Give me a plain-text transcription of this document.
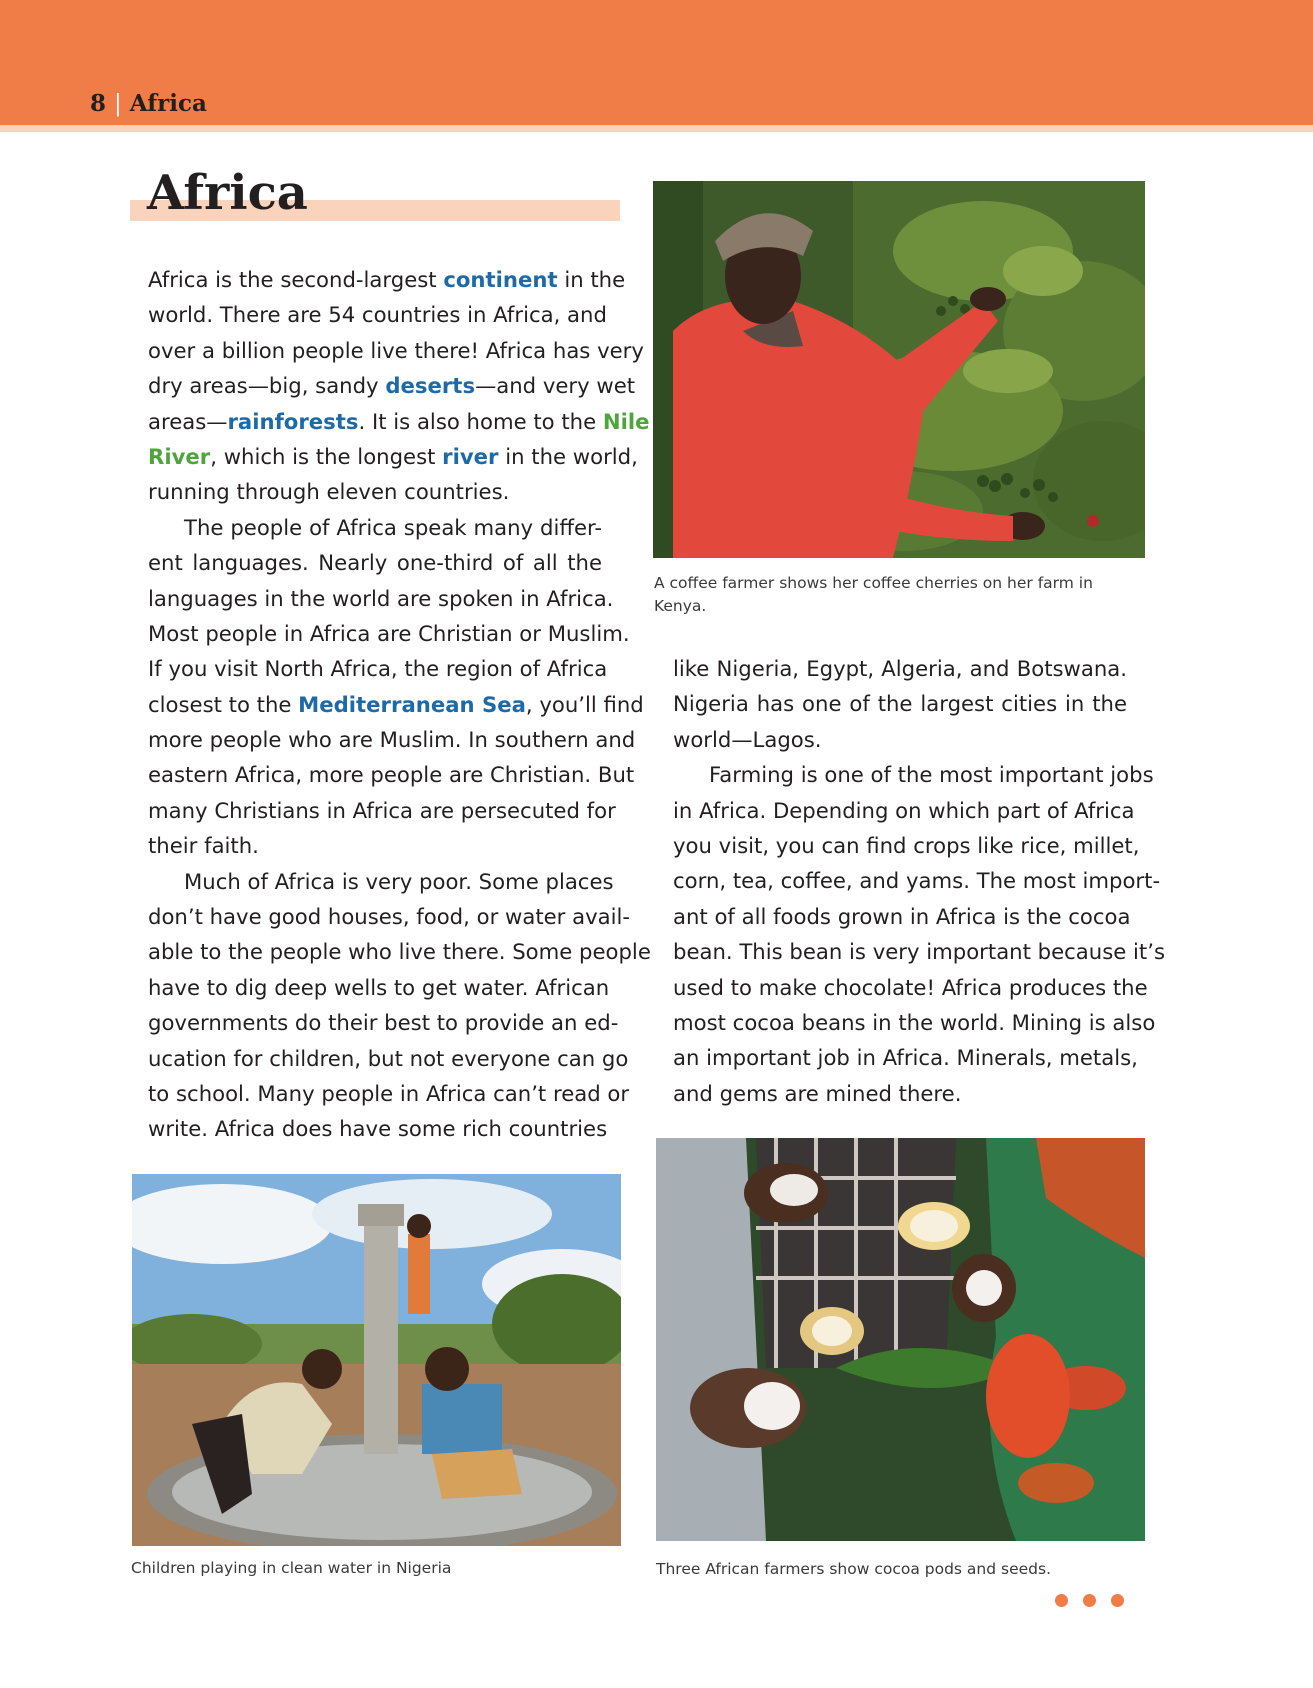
8 | Africa
Africa
Africa is the second-largest continent in the
world. There are 54 countries in Africa, and
over a billion people live there! Africa has very
dry areas—big, sandy deserts—and very wet
areas—rainforests. It is also home to the Nile
River, which is the longest river in the world,
running through eleven countries.
The people of Africa speak many differ-
ent languages. Nearly one-third of all the
languages in the world are spoken in Africa.
Most people in Africa are Christian or Muslim.
If you visit North Africa, the region of Africa
closest to the Mediterranean Sea, you’ll find
more people who are Muslim. In southern and
eastern Africa, more people are Christian. But
many Christians in Africa are persecuted for
their faith.
Much of Africa is very poor. Some places
don’t have good houses, food, or water avail-
able to the people who live there. Some people
have to dig deep wells to get water. African
governments do their best to provide an ed-
ucation for children, but not everyone can go
to school. Many people in Africa can’t read or
write. Africa does have some rich countries
like Nigeria, Egypt, Algeria, and Botswana.
Nigeria has one of the largest cities in the
world—Lagos.
Farming is one of the most important jobs
in Africa. Depending on which part of Africa
you visit, you can find crops like rice, millet,
corn, tea, coffee, and yams. The most import-
ant of all foods grown in Africa is the cocoa
bean. This bean is very important because it’s
used to make chocolate! Africa produces the
most cocoa beans in the world. Mining is also
an important job in Africa. Minerals, metals,
and gems are mined there.
A coffee farmer shows her coffee cherries on her farm in Kenya.
Children playing in clean water in Nigeria	Three African farmers show cocoa pods and seeds.
